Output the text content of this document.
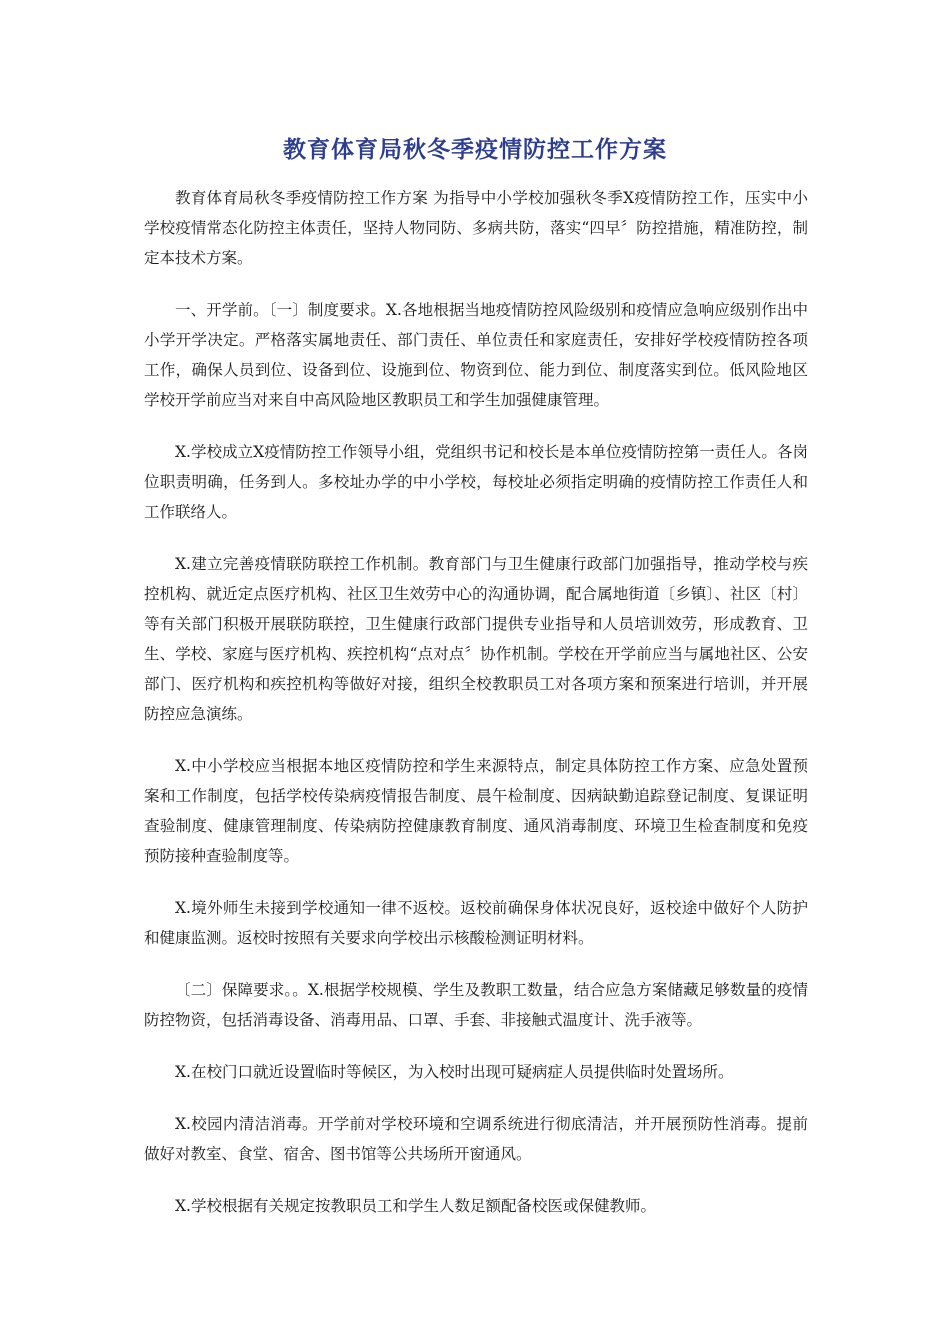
教育体育局秋冬季疫情防控工作方案

教育体育局秋冬季疫情防控工作方案 为指导中小学校加强秋冬季X疫情防控工作，压实中小学校疫情常态化防控主体责任，坚持人物同防、多病共防，落实“四早〞防控措施，精准防控，制定本技术方案。

一、开学前。〔一〕制度要求。X.各地根据当地疫情防控风险级别和疫情应急响应级别作出中小学开学决定。严格落实属地责任、部门责任、单位责任和家庭责任，安排好学校疫情防控各项工作，确保人员到位、设备到位、设施到位、物资到位、能力到位、制度落实到位。低风险地区学校开学前应当对来自中高风险地区教职员工和学生加强健康管理。

X.学校成立X疫情防控工作领导小组，党组织书记和校长是本单位疫情防控第一责任人。各岗位职责明确，任务到人。多校址办学的中小学校，每校址必须指定明确的疫情防控工作责任人和工作联络人。

X.建立完善疫情联防联控工作机制。教育部门与卫生健康行政部门加强指导，推动学校与疾控机构、就近定点医疗机构、社区卫生效劳中心的沟通协调，配合属地街道〔乡镇〕、社区〔村〕等有关部门积极开展联防联控，卫生健康行政部门提供专业指导和人员培训效劳，形成教育、卫生、学校、家庭与医疗机构、疾控机构“点对点〞协作机制。学校在开学前应当与属地社区、公安部门、医疗机构和疾控机构等做好对接，组织全校教职员工对各项方案和预案进行培训，并开展防控应急演练。

X.中小学校应当根据本地区疫情防控和学生来源特点，制定具体防控工作方案、应急处置预案和工作制度，包括学校传染病疫情报告制度、晨午检制度、因病缺勤追踪登记制度、复课证明查验制度、健康管理制度、传染病防控健康教育制度、通风消毒制度、环境卫生检查制度和免疫预防接种查验制度等。

X.境外师生未接到学校通知一律不返校。返校前确保身体状况良好，返校途中做好个人防护和健康监测。返校时按照有关要求向学校出示核酸检测证明材料。

〔二〕保障要求。。X.根据学校规模、学生及教职工数量，结合应急方案储藏足够数量的疫情防控物资，包括消毒设备、消毒用品、口罩、手套、非接触式温度计、洗手液等。

X.在校门口就近设置临时等候区，为入校时出现可疑病症人员提供临时处置场所。

X.校园内清洁消毒。开学前对学校环境和空调系统进行彻底清洁，并开展预防性消毒。提前做好对教室、食堂、宿舍、图书馆等公共场所开窗通风。

X.学校根据有关规定按教职员工和学生人数足额配备校医或保健教师。
